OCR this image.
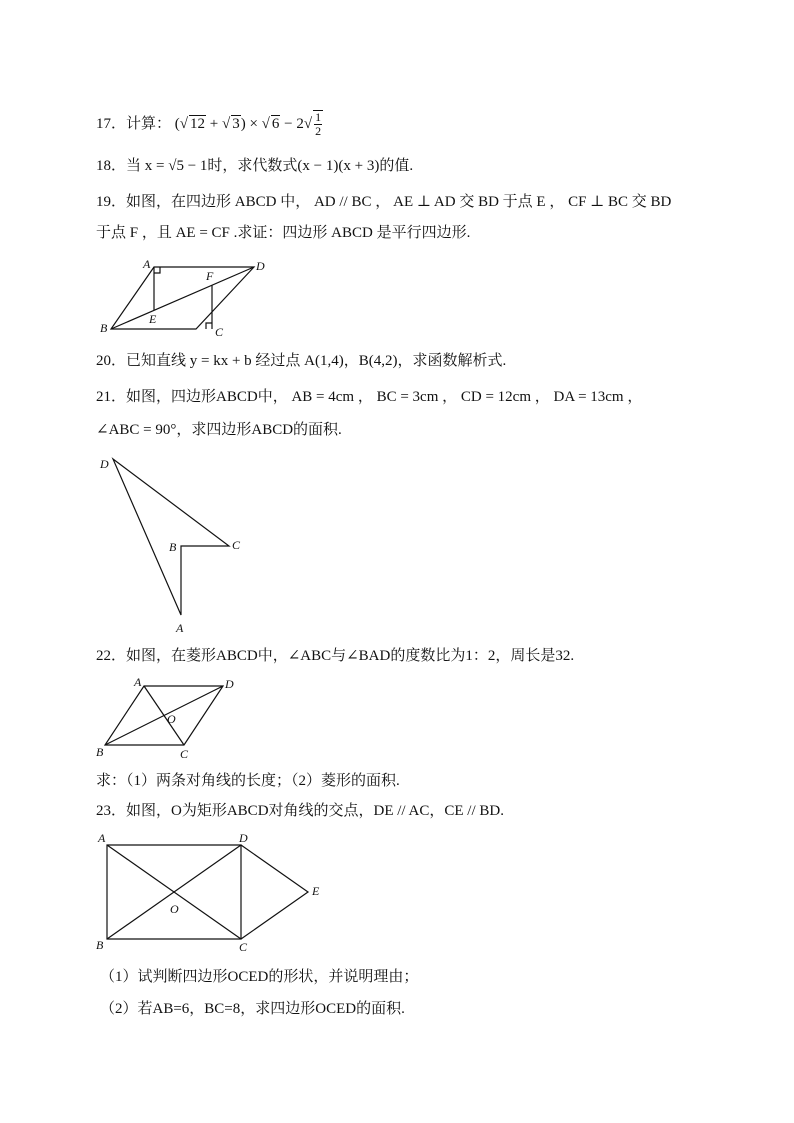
17．计算： (√ 12 + √ 3) × √ $6 - 2√ \frac{1}{2}$
18．当 x = √5 − 1时，求代数式(x − 1)(x + 3)的值.
19．如图，在四边形 ABCD 中， AD // BC ， AE ⊥ AD 交 BD 于点 E ， CF ⊥ BC 交 BD
于点 F ，且 AE = CF .求证：四边形 ABCD 是平行四边形.
A	D
B	C
E
F
20．已知直线 y = kx + b 经过点 A(1,4)，B(4,2)，求函数解析式.
21．如图，四边形ABCD中， AB = 4cm ， BC = 3cm ， CD = 12cm ， DA = 13cm ，
∠ABC = 90°，求四边形ABCD的面积.
D
C
B
A
22．如图，在菱形ABCD中，∠ABC与∠BAD的度数比为1：2，周长是32.
A	D
B	C
O
求：（1）两条对角线的长度；（2）菱形的面积.
23．如图，O为矩形ABCD对角线的交点，DE // AC，CE // BD.
A	D
B	C
E
O
（1）试判断四边形OCED的形状，并说明理由；
（2）若AB=6，BC=8，求四边形OCED的面积.
